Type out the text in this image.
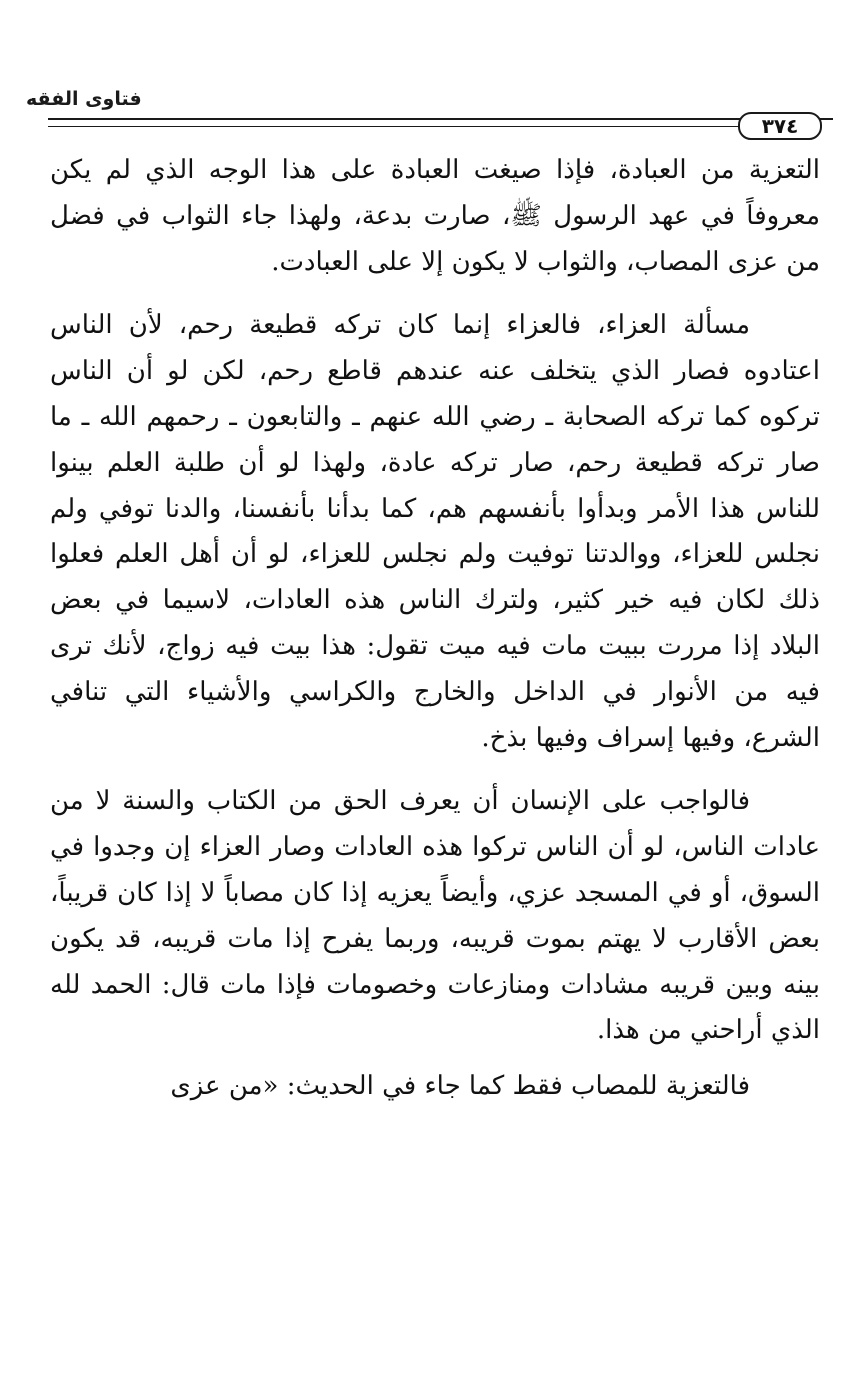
فتاوى الفقه
٣٧٤

التعزية من العبادة، فإذا صيغت العبادة على هذا الوجه الذي لم يكن معروفاً في عهد الرسول ﷺ، صارت بدعة، ولهذا جاء الثواب في فضل من عزى المصاب، والثواب لا يكون إلا على العبادت.

مسألة العزاء، فالعزاء إنما كان تركه قطيعة رحم، لأن الناس اعتادوه فصار الذي يتخلف عنه عندهم قاطع رحم، لكن لو أن الناس تركوه كما تركه الصحابة ـ رضي الله عنهم ـ والتابعون ـ رحمهم الله ـ ما صار تركه قطيعة رحم، صار تركه عادة، ولهذا لو أن طلبة العلم بينوا للناس هذا الأمر وبدأوا بأنفسهم هم، كما بدأنا بأنفسنا، والدنا توفي ولم نجلس للعزاء، ووالدتنا توفيت ولم نجلس للعزاء، لو أن أهل العلم فعلوا ذلك لكان فيه خير كثير، ولترك الناس هذه العادات، لاسيما في بعض البلاد إذا مررت ببيت مات فيه ميت تقول: هذا بيت فيه زواج، لأنك ترى فيه من الأنوار في الداخل والخارج والكراسي والأشياء التي تنافي الشرع، وفيها إسراف وفيها بذخ.

فالواجب على الإنسان أن يعرف الحق من الكتاب والسنة لا من عادات الناس، لو أن الناس تركوا هذه العادات وصار العزاء إن وجدوا في السوق، أو في المسجد عزي، وأيضاً يعزيه إذا كان مصاباً لا إذا كان قريباً، بعض الأقارب لا يهتم بموت قريبه، وربما يفرح إذا مات قريبه، قد يكون بينه وبين قريبه مشادات ومنازعات وخصومات فإذا مات قال: الحمد لله الذي أراحني من هذا.

فالتعزية للمصاب فقط كما جاء في الحديث: «من عزى
